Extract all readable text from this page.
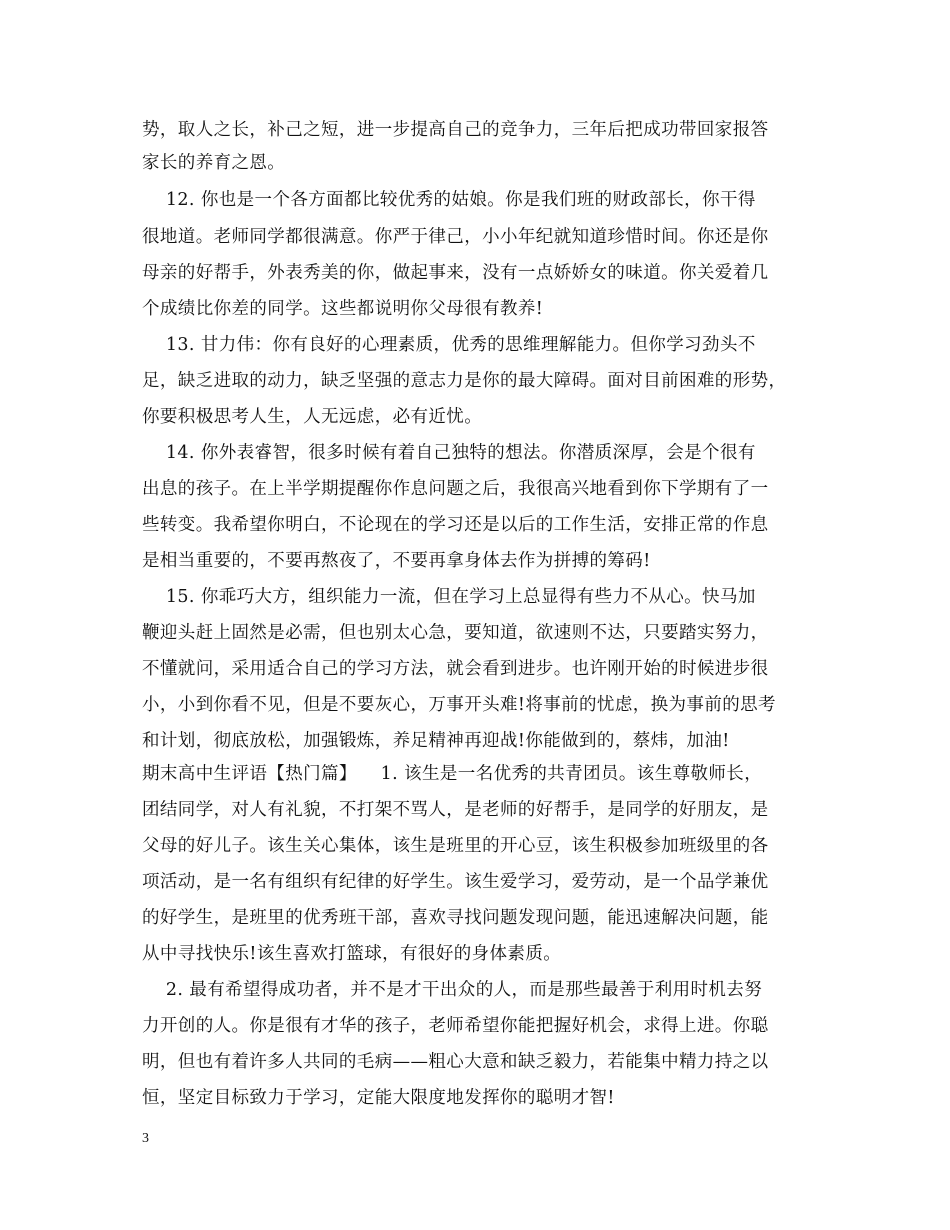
势，取人之长，补己之短，进一步提高自己的竞争力，三年后把成功带回家报答
家长的养育之恩。
12. 你也是一个各方面都比较优秀的姑娘。你是我们班的财政部长，你干得
很地道。老师同学都很满意。你严于律己，小小年纪就知道珍惜时间。你还是你
母亲的好帮手，外表秀美的你，做起事来，没有一点娇娇女的味道。你关爱着几
个成绩比你差的同学。这些都说明你父母很有教养!
13. 甘力伟：你有良好的心理素质，优秀的思维理解能力。但你学习劲头不
足，缺乏进取的动力，缺乏坚强的意志力是你的最大障碍。面对目前困难的形势，
你要积极思考人生，人无远虑，必有近忧。
14. 你外表睿智，很多时候有着自己独特的想法。你潜质深厚，会是个很有
出息的孩子。在上半学期提醒你作息问题之后，我很高兴地看到你下学期有了一
些转变。我希望你明白，不论现在的学习还是以后的工作生活，安排正常的作息
是相当重要的，不要再熬夜了，不要再拿身体去作为拼搏的筹码!
15. 你乖巧大方，组织能力一流，但在学习上总显得有些力不从心。快马加
鞭迎头赶上固然是必需，但也别太心急，要知道，欲速则不达，只要踏实努力，
不懂就问，采用适合自己的学习方法，就会看到进步。也许刚开始的时候进步很
小，小到你看不见，但是不要灰心，万事开头难!将事前的忧虑，换为事前的思考
和计划，彻底放松，加强锻炼，养足精神再迎战!你能做到的，蔡炜，加油!
期末高中生评语【热门篇】    1. 该生是一名优秀的共青团员。该生尊敬师长，
团结同学，对人有礼貌，不打架不骂人，是老师的好帮手，是同学的好朋友，是
父母的好儿子。该生关心集体，该生是班里的开心豆，该生积极参加班级里的各
项活动，是一名有组织有纪律的好学生。该生爱学习，爱劳动，是一个品学兼优
的好学生，是班里的优秀班干部，喜欢寻找问题发现问题，能迅速解决问题，能
从中寻找快乐!该生喜欢打篮球，有很好的身体素质。
2. 最有希望得成功者，并不是才干出众的人，而是那些最善于利用时机去努
力开创的人。你是很有才华的孩子，老师希望你能把握好机会，求得上进。你聪
明，但也有着许多人共同的毛病——粗心大意和缺乏毅力，若能集中精力持之以
恒，坚定目标致力于学习，定能大限度地发挥你的聪明才智!
3
